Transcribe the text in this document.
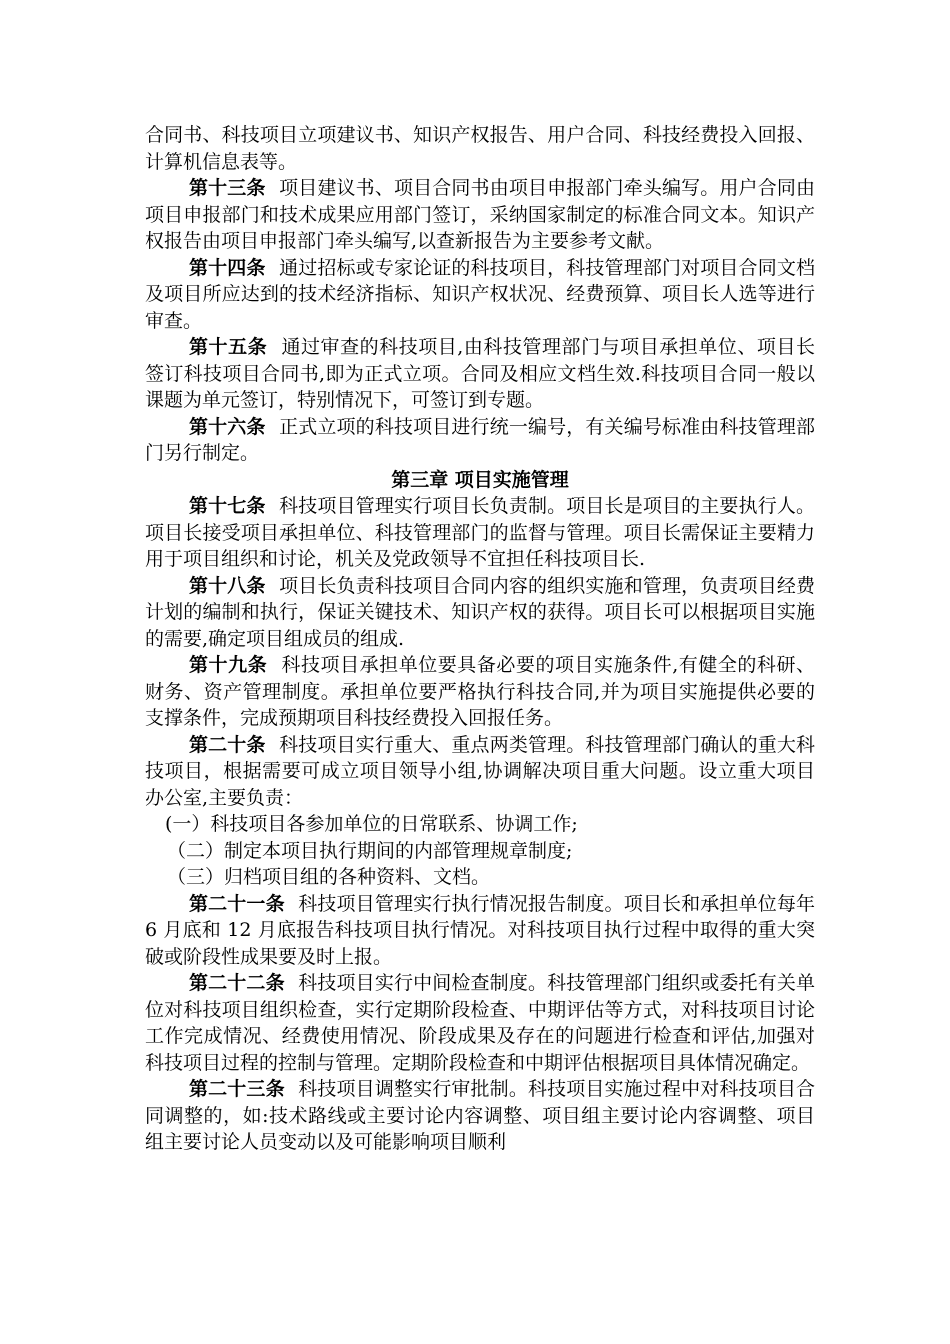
合同书、科技项目立项建议书、知识产权报告、用户合同、科技经费投入回报、计算机信息表等。

第十三条 项目建议书、项目合同书由项目申报部门牵头编写。用户合同由项目申报部门和技术成果应用部门签订，采纳国家制定的标准合同文本。知识产权报告由项目申报部门牵头编写,以查新报告为主要参考文献。

第十四条 通过招标或专家论证的科技项目，科技管理部门对项目合同文档及项目所应达到的技术经济指标、知识产权状况、经费预算、项目长人选等进行审查。

第十五条 通过审查的科技项目,由科技管理部门与项目承担单位、项目长签订科技项目合同书,即为正式立项。合同及相应文档生效.科技项目合同一般以课题为单元签订，特别情况下，可签订到专题。

第十六条 正式立项的科技项目进行统一编号，有关编号标准由科技管理部门另行制定。

第三章 项目实施管理

第十七条 科技项目管理实行项目长负责制。项目长是项目的主要执行人。项目长接受项目承担单位、科技管理部门的监督与管理。项目长需保证主要精力用于项目组织和讨论，机关及党政领导不宜担任科技项目长.

第十八条 项目长负责科技项目合同内容的组织实施和管理，负责项目经费计划的编制和执行，保证关键技术、知识产权的获得。项目长可以根据项目实施的需要,确定项目组成员的组成.

第十九条 科技项目承担单位要具备必要的项目实施条件,有健全的科研、财务、资产管理制度。承担单位要严格执行科技合同,并为项目实施提供必要的支撑条件，完成预期项目科技经费投入回报任务。

第二十条 科技项目实行重大、重点两类管理。科技管理部门确认的重大科技项目，根据需要可成立项目领导小组,协调解决项目重大问题。设立重大项目办公室,主要负责：

(一）科技项目各参加单位的日常联系、协调工作;

（二）制定本项目执行期间的内部管理规章制度;

（三）归档项目组的各种资料、文档。

第二十一条 科技项目管理实行执行情况报告制度。项目长和承担单位每年 6 月底和 12 月底报告科技项目执行情况。对科技项目执行过程中取得的重大突破或阶段性成果要及时上报。

第二十二条 科技项目实行中间检查制度。科技管理部门组织或委托有关单位对科技项目组织检查，实行定期阶段检查、中期评估等方式，对科技项目讨论工作完成情况、经费使用情况、阶段成果及存在的问题进行检查和评估,加强对科技项目过程的控制与管理。定期阶段检查和中期评估根据项目具体情况确定。

第二十三条 科技项目调整实行审批制。科技项目实施过程中对科技项目合同调整的，如:技术路线或主要讨论内容调整、项目组主要讨论内容调整、项目组主要讨论人员变动以及可能影响项目顺利
